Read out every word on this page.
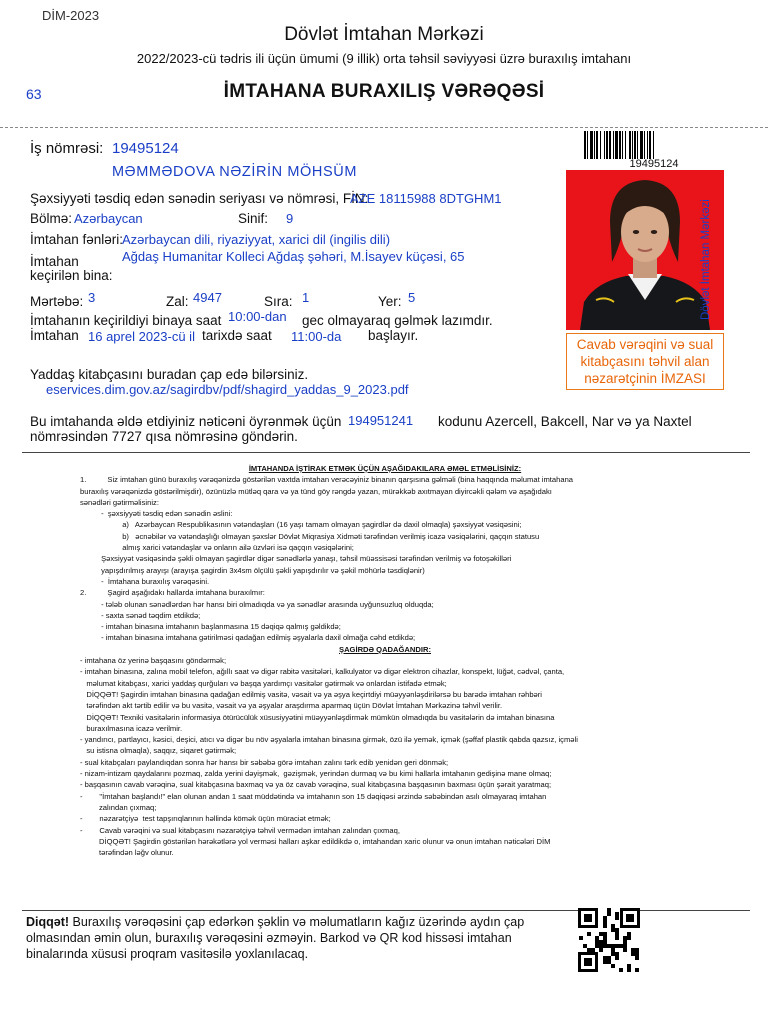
DİM-2023
Dövlət İmtahan Mərkəzi
2022/2023-cü tədris ili üçün ümumi (9 illik) orta təhsil səviyyəsi üzrə buraxılış imtahanı
63	İMTAHANA BURAXILIŞ VƏRƏQƏSİ
İş nömrəsi: 19495124
MƏMMƏDOVA NƏZİRİN MÖHSÜM
Şəxsiyyəti təsdiq edən sənədin seriyası və nömrəsi, FİN:
AZE 18115988 8DTGHM1
Bölmə: Azərbaycan	Sinif: 9
İmtahan fənləri:
Azərbaycan dili, riyaziyyat, xarici dil (ingilis dili)
İmtahan
keçirilən bina:
Ağdaş Humanitar Kolleci Ağdaş şəhəri, M.İsayev küçəsi, 65
Mərtəbə: 3	Zal: 4947	Sıra: 1	Yer: 5
İmtahanın keçirildiyi binaya saat 10:00-dan gec olmayaraq gəlmək lazımdır.
İmtahan 16 aprel 2023-cü il tarixdə saat 11:00-da başlayır.
Yaddaş kitabçasını buradan çap edə bilərsiniz.
eservices.dim.gov.az/sagirdbv/pdf/shagird_yaddas_9_2023.pdf
Bu imtahanda əldə etdiyiniz nəticəni öyrənmək üçün 194951241 kodunu Azercell, Bakcell, Nar və ya Naxtel
nömrəsindən 7727 qısa nömrəsinə göndərin.
19495124
Dövlət İmtahan Mərkəzi
Cavab vərəqini və sual kitabçasını təhvil alan nəzarətçinin İMZASI
İMTAHANDA İŞTİRAK ETMƏK ÜÇÜN AŞAĞIDAKILARA ƏMƏL ETMƏLİSİNİZ:
1.          Siz imtahan günü buraxılış vərəqənizdə göstərilən vaxtda imtahan verəcəyiniz binanın qarşısına gəlməli (bina haqqında məlumat imtahana
buraxılış vərəqənizdə göstərilmişdir), özünüzlə mütləq qara və ya tünd göy rəngdə yazan, mürəkkəb axıtmayan diyircəkli qələm və aşağıdakı
sənədləri gətirməlisiniz:
-  şəxsiyyəti təsdiq edən sənədin əslini:
a)   Azərbaycan Respublikasının vətəndaşları (16 yaşı tamam olmayan şagirdlər də daxil olmaqla) şəxsiyyət vəsiqəsini;
b)   əcnəbilər və vətəndaşlığı olmayan şəxslər Dövlət Miqrasiya Xidməti tərəfindən verilmiş icazə vəsiqələrini, qaçqın statusu
almış xarici vətəndaşlar və onların ailə üzvləri isə qaçqın vəsiqələrini;
Şəxsiyyət vəsiqəsində şəkli olmayan şagirdlər digər sənədlərlə yanaşı, təhsil müəssisəsi tərəfindən verilmiş və fotoşəkilləri
yapışdırılmış arayışı (arayışa şagirdin 3x4sm ölçülü şəkli yapışdırılır və şəkil möhürlə təsdiqlənir)
-  İmtahana buraxılış vərəqəsini.
2.          Şagird aşağıdakı hallarda imtahana buraxılmır:
- tələb olunan sənədlərdən hər hansı biri olmadıqda və ya sənədlər arasında uyğunsuzluq olduqda;
- saxta sənəd təqdim etdikdə;
- imtahan binasına imtahanın başlanmasına 15 dəqiqə qalmış gəldikdə;
- imtahan binasına imtahana gətirilməsi qadağan edilmiş əşyalarla daxil olmağa cəhd etdikdə;
ŞAGİRDƏ QADAĞANDIR:
- imtahana öz yerinə başqasını göndərmək;
- imtahan binasına, zalına mobil telefon, ağıllı saat və digər rabitə vasitələri, kalkulyator və digər elektron cihazlar, konspekt, lüğət, cədvəl, çanta,
məlumat kitabçası, xarici yaddaş qurğuları və başqa yardımçı vasitələr gətirmək və onlardan istifadə etmək;
DİQQƏT! Şagirdin imtahan binasına qadağan edilmiş vasitə, vəsait və ya əşya keçirtdiyi müəyyənləşdirilərsə bu barədə imtahan rəhbəri
tərəfindən akt tərtib edilir və bu vasitə, vəsait və ya əşyalar araşdırma aparmaq üçün Dövlət İmtahan Mərkəzinə təhvil verilir.
DİQQƏT! Texniki vasitələrin informasiya ötürücülük xüsusiyyətini müəyyənləşdirmək mümkün olmadıqda bu vasitələrin də imtahan binasına
buraxılmasına icazə verilmir.
- yandırıcı, partlayıcı, kəsici, deşici, atıcı və digər bu növ əşyalarla imtahan binasına girmək, özü ilə yemək, içmək (şəffaf plastik qabda qazsız, içməli
su istisna olmaqla), saqqız, siqaret gətirmək;
- sual kitabçaları paylandıqdan sonra hər hansı bir səbəbə görə imtahan zalını tərk edib yenidən geri dönmək;
- nizam-intizam qaydalarını pozmaq, zalda yerini dəyişmək,  gəzişmək, yerindən durmaq və bu kimi hallarla imtahanın gedişinə mane olmaq;
- başqasının cavab vərəqinə, sual kitabçasına baxmaq və ya öz cavab vərəqinə, sual kitabçasına başqasının baxması üçün şərait yaratmaq;
-        "İmtahan başlandı!" elan olunan andan 1 saat müddətində və imtahanın son 15 dəqiqəsi ərzində səbəbindən asılı olmayaraq imtahan
zalından çıxmaq;
-        nəzarətçiyə  test tapşırıqlarının həllində kömək üçün müraciət etmək;
-        Cavab vərəqini və sual kitabçasını nəzarətçiyə təhvil vermədən imtahan zalından çıxmaq,
DİQQƏT! Şagirdin göstərilən hərəkətlərə yol verməsi halları aşkar edildikdə o, imtahandan xaric olunur və onun imtahan nəticələri DİM
tərəfindən ləğv olunur.
Diqqət! Buraxılış vərəqəsini çap edərkən şəklin və məlumatların kağız üzərində aydın çap olmasından əmin olun, buraxılış vərəqəsini əzməyin. Barkod və QR kod hissəsi imtahan binalarında xüsusi proqram vasitəsilə yoxlanılacaq.
